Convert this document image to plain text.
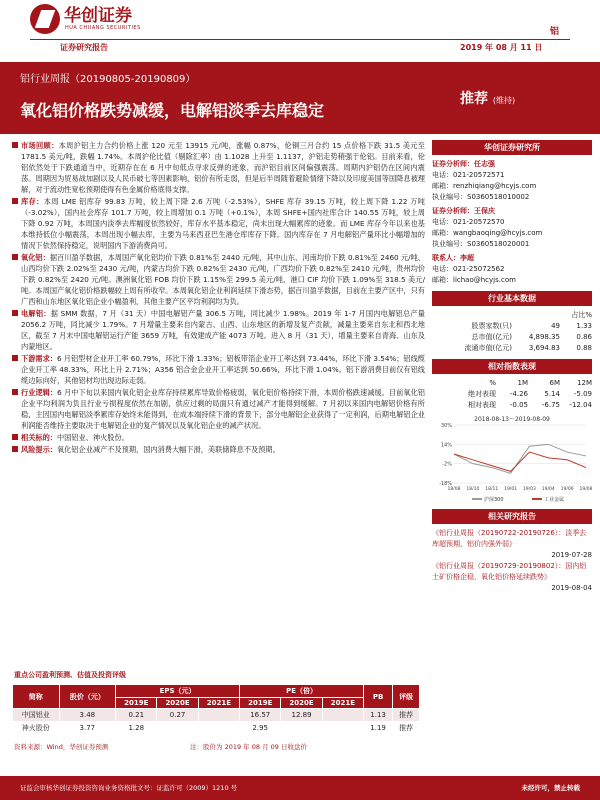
华创证券
HUA CHUANG SECURITIES	铝
证券研究报告	2019 年 08 月 11 日
铝行业周报（20190805-20190809）
氧化铝价格跌势减缓，电解铝淡季去库稳定
推荐 (维持)
市场回顾：本周沪铝主力合约价格上涨 120 元至 13915 元/吨，涨幅 0.87%，伦铜三月合约 15 点价格下跌 31.5 美元至 1781.5 美元/吨，跌幅 1.74%。本周沪伦比值（剔除汇率）由 1.1028 上升至 1.1137，沪铝走势稍强于伦铝。目前来看，伦铝依然处于下跌通道当中，近期存在在 6 月中旬低点寻求反弹的迹象，而沪铝目前区间偏强震荡。周期内沪铝仍在区间内震荡。周期因为贸易战加剧以及人民币破七等因素影响，铝价有所走弱，但是后半周随着避险情绪下降以及印度美国等国降息被理解，对于流动性宽松预期使得有色金属价格底得支撑。
库存：本周 LME 铝库存 99.83 万吨，较上周下降 2.6 万吨（-2.53%），SHFE 库存 39.15 万吨，较上周下降 1.22 万吨（-3.02%），国内社会库存 101.7 万吨，较上周增加 0.1 万吨（+0.1%），本周 SHFE+国内社库合计 140.55 万吨，较上周下降 0.92 万吨，本周国内淡季去库幅度依然较好，库存水平基本稳定，尚未出现大幅累库的迹象。而 LME 库存今年以来也基本维持低位小幅震荡，本周出现小幅去库，主要为马来西亚巴生港仓库库存下降。国内库存在 7 月电解铝产量环比小幅增加的情况下依然保持稳定，说明国内下游消费尚可。
氧化铝：据百川盈孚数据，本周国产氧化铝均价下跌 0.81%至 2440 元/吨，其中山东、河南均价下跌 0.81%至 2460 元/吨、山西均价下跌 2.02%至 2430 元/吨，内蒙古均价下跌 0.82%至 2430 元/吨，广西均价下跌 0.82%至 2410 元/吨，贵州均价下跌 0.82%至 2420 元/吨。澳洲氧化铝 FOB 均价下跌 1.15%至 299.5 美元/吨，港口 CIF 均价下跌 1.09%至 318.5 美元/吨。本周国产氧化铝价格跌幅较上周有所收窄。本周氧化铝企业利润延续下滑态势，据百川盈孚数据，目前在主要产区中，只有广西和山东地区氧化铝企业小幅盈利，其他主要产区平均利润均为负。
电解铝：据 SMM 数据，7 月（31 天）中国电解铝产量 306.5 万吨，同比减少 1.98%。2019 年 1-7 月国内电解铝总产量 2056.2 万吨，同比减少 1.79%。7 月增量主要来自内蒙古、山西、山东地区的新增及复产贡献，减量主要来自东北和西北地区，截至 7 月末中国电解铝运行产能 3659 万吨，有效建成产能 4073 万吨。进入 8 月（31 天），增量主要来自青海、山东及内蒙地区。
下游需求：6 月铝型材企业开工率 60.79%，环比下滑 1.33%；铝板带箔企业开工率达到 73.44%，环比下滑 3.54%；铝线缆企业开工率 48.33%，环比上升 2.71%；A356 铝合金企业开工率达到 50.66%，环比下滑 1.04%。铝下游消费目前仅有铝线缆边际向好，其他铝材均出现边际走弱。
行业逻辑：6 月中下旬以来国内氧化铝企业库存持续累库导致价格疲弱，氧化铝价格持续下滑，本周价格跌速减缓。目前氧化铝企业平均利润为负且行业亏损程度依然在加剧，供应过剩的局面只有通过减产才能得到缓解。7 月初以来国内电解铝价格有所稳，主因国内电解铝淡季累库存始终未能得到，在成本端持续下滑的背景下，部分电解铝企业获得了一定利润，后期电解铝企业利润能否维持主要取决于电解铝企业的复产情况以及氧化铝企业的减产状况。
相关标的：中国铝业、神火股份。
风险提示：氧化铝企业减产不及预期，国内消费大幅下滑，美联储降息不及预期。
华创证券研究所
证券分析师：任志强
电话：021-20572571
邮箱：renzhiqiang@hcyjs.com
执业编号：S0360518010002
证券分析师：王保庆
电话：021-20572570
邮箱：wangbaoqing@hcyjs.com
执业编号：S0360518020001
联系人：李超
电话：021-25072562
邮箱：lichao@hcyjs.com
行业基本数据
占比%
股票家数(只)	49	1.33
总市值(亿元)	4,898.35	0.86
流通市值(亿元)	3,694.83	0.88
相对指数表现
%	1M	6M	12M
绝对表现	-4.26	5.14	-5.09
相对表现	-0.05	-6.75	-12.04
2018-08-13～2019-08-09
30%
14%
-2%
-18%
18/08 18/10 18/11 19/01 19/03 19/04 19/06 19/08
沪深300	工业金属
相关研究报告
《铝行业周报（20190722-20190726）：淡季去库超预期，铝价内强外弱》
2019-07-28
《铝行业周报（20190729-20190802）：国内铝土矿价格企稳，氧化铝价格延续跌势》
2019-08-04
重点公司盈利预测、估值及投资评级
简称	股价（元）	EPS（元）			PE（倍）			PB	评级
		2019E	2020E	2021E	2019E	2020E	2021E		
中国铝业	3.48	0.21	0.27		16.57	12.89		1.13	推荐
神火股份	3.77	1.28			2.95			1.19	推荐
资料来源：Wind，华创证券预测	注：股价为 2019 年 08 月 09 日收盘价
证监会审核华创证券投资咨询业务资格批文号：证监许可（2009）1210 号	未经许可，禁止转载
